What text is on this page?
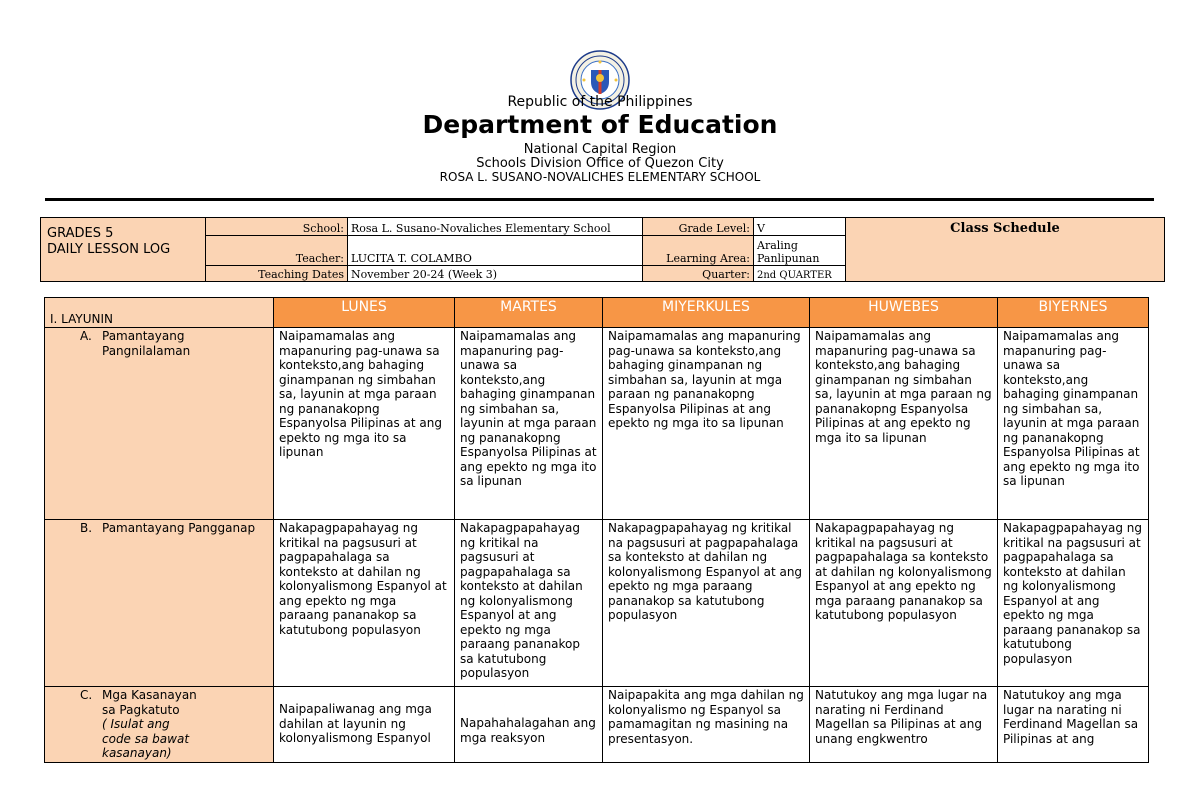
Republic of the Philippines
Department of Education
National Capital Region
Schools Division Office of Quezon City
ROSA L. SUSANO-NOVALICHES ELEMENTARY SCHOOL
GRADES 5
DAILY LESSON LOG	School:	Rosa L. Susano-Novaliches Elementary School	Grade Level:	V	Class Schedule
	Teacher:	LUCITA T. COLAMBO	Learning Area:	Araling Panlipunan	
	Teaching Dates	November 20-24 (Week 3)	Quarter:	2nd QUARTER	
I. LAYUNIN	LUNES	MARTES	MIYERKULES	HUWEBES	BIYERNES

A. Pamantayang Pangnilalaman	Naipamamalas ang mapanuring pag-unawa sa konteksto,ang bahaging ginampanan ng simbahan sa, layunin at mga paraan ng pananakopng Espanyolsa Pilipinas at ang epekto ng mga ito sa lipunan	Naipamamalas ang mapanuring pag-unawa sa konteksto,ang bahaging ginampanan ng simbahan sa, layunin at mga paraan ng pananakopng Espanyolsa Pilipinas at ang epekto ng mga ito sa lipunan	Naipamamalas ang mapanuring pag-unawa sa konteksto,ang bahaging ginampanan ng simbahan sa, layunin at mga paraan ng pananakopng Espanyolsa Pilipinas at ang epekto ng mga ito sa lipunan	Naipamamalas ang mapanuring pag-unawa sa konteksto,ang bahaging ginampanan ng simbahan sa, layunin at mga paraan ng pananakopng Espanyolsa Pilipinas at ang epekto ng mga ito sa lipunan	Naipamamalas ang mapanuring pag-unawa sa konteksto,ang bahaging ginampanan ng simbahan sa, layunin at mga paraan ng pananakopng Espanyolsa Pilipinas at ang epekto ng mga ito sa lipunan

B. Pamantayang Pangganap	Nakapagpapahayag ng kritikal na pagsusuri at pagpapahalaga sa konteksto at dahilan ng kolonyalismong Espanyol at ang epekto ng mga paraang pananakop sa katutubong populasyon	Nakapagpapahayag ng kritikal na pagsusuri at pagpapahalaga sa konteksto at dahilan ng kolonyalismong Espanyol at ang epekto ng mga paraang pananakop sa katutubong populasyon	Nakapagpapahayag ng kritikal na pagsusuri at pagpapahalaga sa konteksto at dahilan ng kolonyalismong Espanyol at ang epekto ng mga paraang pananakop sa katutubong populasyon	Nakapagpapahayag ng kritikal na pagsusuri at pagpapahalaga sa konteksto at dahilan ng kolonyalismong Espanyol at ang epekto ng mga paraang pananakop sa katutubong populasyon	Nakapagpapahayag ng kritikal na pagsusuri at pagpapahalaga sa konteksto at dahilan ng kolonyalismong Espanyol at ang epekto ng mga paraang pananakop sa katutubong populasyon

C. Mga Kasanayan sa Pagkatuto
( Isulat ang code sa bawat kasanayan)	Naipapaliwanag ang mga dahilan at layunin ng kolonyalismong Espanyol	Napahahalagahan ang mga reaksyon	Naipapakita ang mga dahilan ng kolonyalismo ng Espanyol sa pamamagitan ng masining na presentasyon.	Natutukoy ang mga lugar na narating ni Ferdinand Magellan sa Pilipinas at ang unang engkwentro	Natutukoy ang mga lugar na narating ni Ferdinand Magellan sa Pilipinas at ang
